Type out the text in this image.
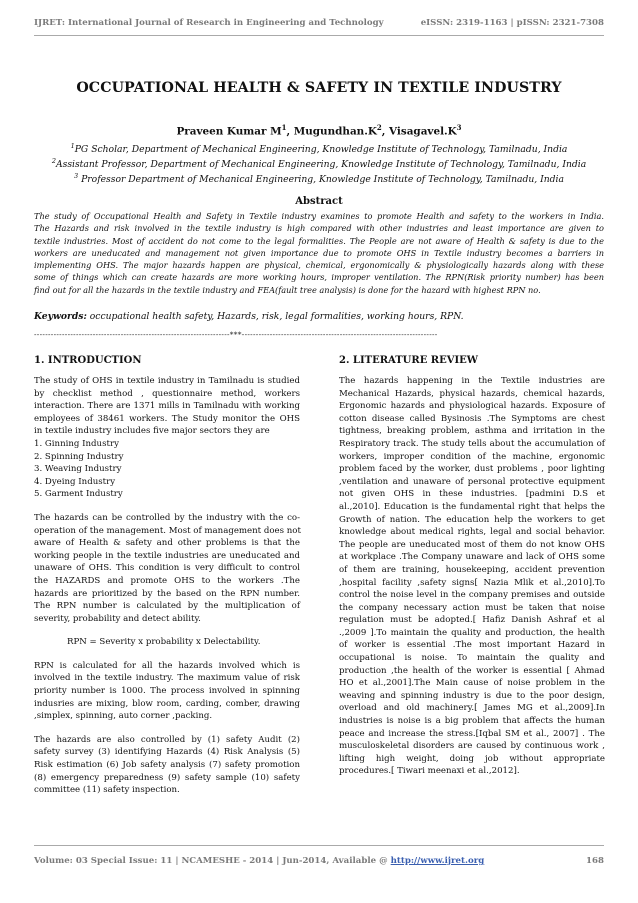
IJRET: International Journal of Research in Engineering and Technology	eISSN: 2319-1163 | pISSN: 2321-7308
OCCUPATIONAL HEALTH & SAFETY IN TEXTILE INDUSTRY
Praveen Kumar $M^1$, $Mugundhan.K^2$, $Visagavel.K^3$
$^1$PG Scholar, Department of Mechanical Engineering, Knowledge Institute of Technology, Tamilnadu, India
$^2$Assistant Professor, Department of Mechanical Engineering, Knowledge Institute of Technology, Tamilnadu, India
$^3$ Professor Department of Mechanical Engineering, Knowledge Institute of Technology, Tamilnadu, India
Abstract
The study of Occupational Health and Safety in Textile industry examines to promote Health and safety to the workers in India.
The Hazards and risk involved in the textile industry is high compared with other industries and least importance are given to
textile industries. Most of accident do not come to the legal formalities. The People are not aware of Health & safety is due to the
workers are uneducated and management not given importance due to promote OHS in Textile industry becomes a barriers in
implementing OHS. The major hazards happen are physical, chemical, ergonomically & physiologically hazards along with these
some of things which can create hazards are more working hours, improper ventilation. The RPN(Risk priority number) has been
find out for all the hazards in the textile industry and FEA(fault tree analysis) is done for the hazard with highest RPN no.
Keywords: occupational health safety, Hazards, risk, legal formalities, working hours, RPN.
----------------------------------------------------------------------***----------------------------------------------------------------------
1. INTRODUCTION

The study of OHS in textile industry in Tamilnadu is studied
by checklist method , questionnaire method, workers
interaction. There are 1371 mills in Tamilnadu with working
employees of 38461 workers. The Study monitor the OHS
in textile industry includes five major sectors they are
1. Ginning Industry
2. Spinning Industry
3. Weaving Industry
4. Dyeing Industry
5. Garment Industry

The hazards can be controlled by the industry with the co-
operation of the management. Most of management does not
aware of Health & safety and other problems is that the
working people in the textile industries are uneducated and
unaware of OHS. This condition is very difficult to control
the HAZARDS and promote OHS to the workers .The
hazards are prioritized by the based on the RPN number.
The RPN number is calculated by the multiplication of
severity, probability and detect ability.

RPN = Severity x probability x Delectability.

RPN is calculated for all the hazards involved which is
involved in the textile industry. The maximum value of risk
priority number is 1000. The process involved in spinning
indusries are mixing, blow room, carding, comber, drawing
,simplex, spinning, auto corner ,packing.

The hazards are also controlled by (1) safety Audit (2)
safety survey (3) identifying Hazards (4) Risk Analysis (5)
Risk estimation (6) Job safety analysis (7) safety promotion
(8) emergency preparedness (9) safety sample (10) safety
committee (11) safety inspection.

2. LITERATURE REVIEW

The hazards happening in the Textile industries are
Mechanical Hazards, physical hazards, chemical hazards,
Ergonomic hazards and physiological hazards. Exposure of
cotton disease called Bysinosis .The Symptoms are chest
tightness, breaking problem, asthma and irritation in the
Respiratory track. The study tells about the accumulation of
workers, improper condition of the machine, ergonomic
problem faced by the worker, dust problems , poor lighting
,ventilation and unaware of personal protective equipment
not given OHS in these industries. [padmini D.S et
al.,2010]. Education is the fundamental right that helps the
Growth of nation. The education help the workers to get
knowledge about medical rights, legal and social behavior.
The people are uneducated most of them do not know OHS
at workplace .The Company unaware and lack of OHS some
of them are training, housekeeping, accident prevention
,hospital facility ,safety signs[ Nazia Mlik et al.,2010].To
control the noise level in the company premises and outside
the company necessary action must be taken that noise
regulation must be adopted.[ Hafiz Danish Ashraf et al
.,2009 ].To maintain the quality and production, the health
of worker is essential .The most important Hazard in
occupational is noise. To maintain the quality and
production ,the health of the worker is essential [ Ahmad
HO et al.,2001].The Main cause of noise problem in the
weaving and spinning industry is due to the poor design,
overload and old machinery.[ James MG et al.,2009].In
industries is noise is a big problem that affects the human
peace and increase the stress.[Iqbal SM et al., 2007] . The
musculoskeletal disorders are caused by continuous work ,
lifting high weight, doing job without appropriate
procedures.[ Tiwari meenaxi et al.,2012].

Volume: 03 Special Issue: 11 | NCAMESHE - 2014 | Jun-2014, Available @ http://www.ijret.org	168
